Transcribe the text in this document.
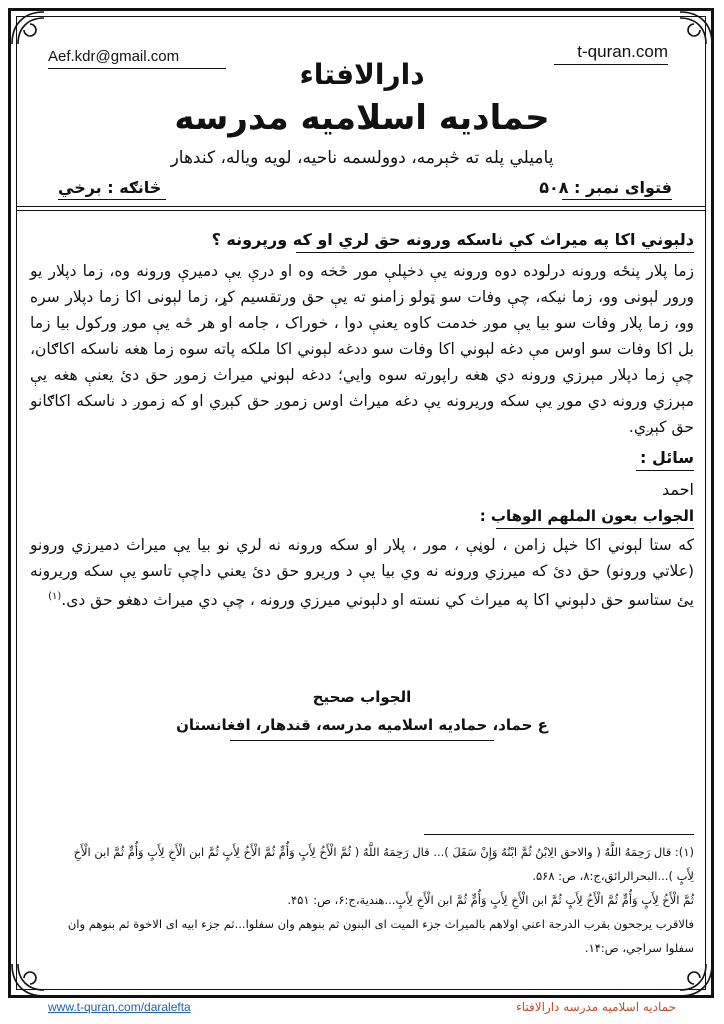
Aef.kdr@gmail.com	t-quran.com
دارالافتاء
حمادیه اسلامیه مدرسه
پامیلي پله ته څېرمه، دوولسمه ناحیه، لویه ویاله، کندهار
فتوای نمبر : ۵۰۸
څانګه : برخي
دلېوني اکا په میراث کې ناسکه ورونه حق لري او که ورپرونه ؟
زما پلار پنځه ورونه درلوده دوه ورونه یې دخپلې مور څخه وه او درې یې دمیرې ورونه وه، زما دپلار یو ورور لېونی وو، زما نیکه، چې وفات سو ټولو زامنو ته یې حق ورتقسیم کړ، زما لېونی اکا زما دپلار سره وو، زما پلار وفات سو بیا یې موږ خدمت کاوه یعنې دوا ، خوراک ، جامه او هر څه یې موږ ورکول بیا زما بل اکا وفات سو اوس مې دغه لېوني اکا وفات سو ددغه لېوني اکا ملکه پاته سوه زما هغه ناسکه اکاګان، چې زما دپلار مېرزي ورونه دي هغه راپورته سوه وایي؛ ددغه لېوني میراث زموږ حق دئ یعنې هغه یې مېرزي ورونه دي موږ یې سکه وریرونه یې دغه میراث اوس زموږ حق کېږي او که زموږ د ناسکه اکاګانو حق کېږي.
سائل :
احمد
الجواب بعون الملهم الوهاب :
که ستا لېوني اکا خپل زامن ، لوڼې ، مور ، پلار او سکه ورونه نه لري نو بیا یې میراث دمیرزي ورونو (علاتي ورونو) حق دئ که میرزي ورونه نه وي بیا یې د وریرو حق دئ یعني داچې تاسو یې سکه وریرونه یئ ستاسو حق دلېوني اکا په میراث کي نسته او دلېوني میرزي ورونه ، چې دي میراث دهغو حق دی.$^{(۱)}$
الجواب صحیح
ع حماد، حمادیه اسلامیه مدرسه، قندهار، افغانستان
(۱): قال رَحِمَهُ اللَّهُ ( والاحق الِابْنُ ثُمَّ ابْنُهُ وَإِنْ سَفَلَ )... قال رَحِمَهُ اللَّهُ ( ثُمَّ الْأَخُ لِأَبٍ وَأُمٍّ ثُمَّ الْأَخُ لِأَبٍ ثُمَّ ابن الْأَخِ لِأَبٍ وَأُمٍّ ثُمَّ ابن الْأَخِ
لِأَبٍ )...البحرالرائق،ج:۸، ص: ۵۶۸.
ثُمَّ الْأَخُ لِأَبٍ وَأُمٍّ ثُمَّ الْأَخُ لِأَبٍ ثُمَّ ابن الْأَخِ لِأَبٍ وَأُمٍّ ثُمَّ ابن الْأَخِ لِأَبٍ...هندیة،ج:۶، ص: ۴۵۱.
فالاقرب یرجحون بقرب الدرجة اعني اولاهم بالمیراث جزء المیت ای البنون ثم بنوهم وان سفلوا...ثم جزء ابیه ای الاخوة ثم بنوهم وان
سفلوا سراجي، ص:۱۴.
www.t-quran.com/daralefta	حمادیه اسلامیه مدرسه دارالافتاء
